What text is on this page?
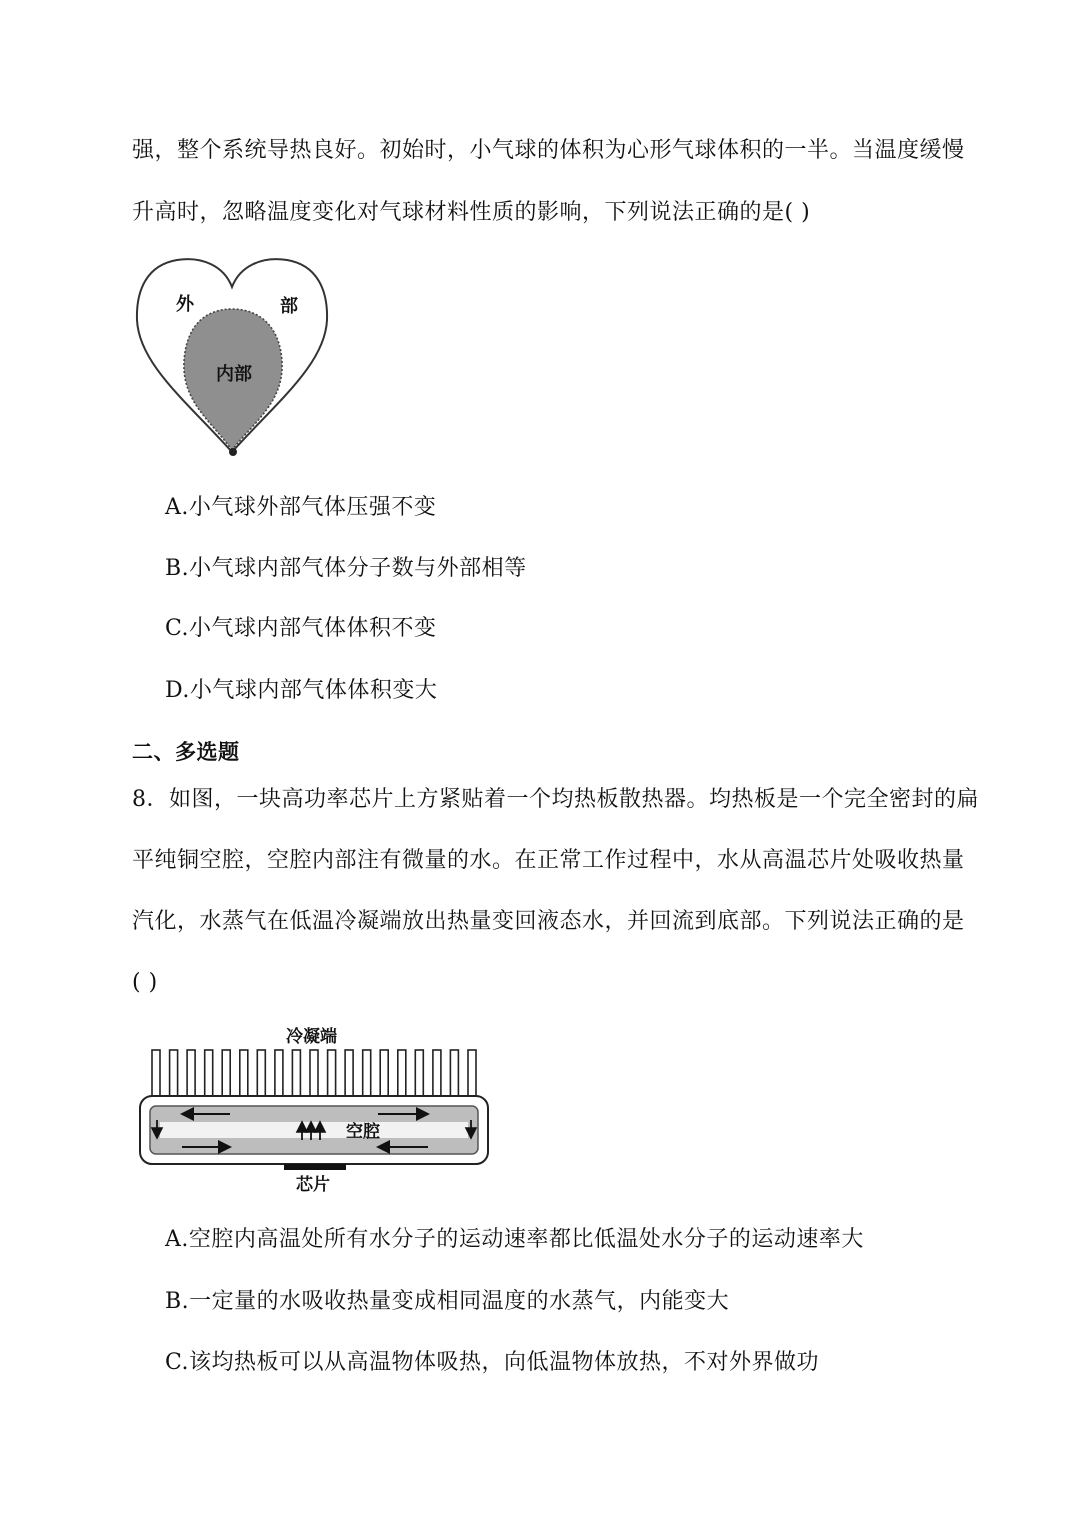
强，整个系统导热良好。初始时，小气球的体积为心形气球体积的一半。当温度缓慢
升高时，忽略温度变化对气球材料性质的影响，下列说法正确的是( )
外	部
内部
A.小气球外部气体压强不变
B.小气球内部气体分子数与外部相等
C.小气球内部气体体积不变
D.小气球内部气体体积变大
二、多选题
8．如图，一块高功率芯片上方紧贴着一个均热板散热器。均热板是一个完全密封的扁
平纯铜空腔，空腔内部注有微量的水。在正常工作过程中，水从高温芯片处吸收热量
汽化，水蒸气在低温冷凝端放出热量变回液态水，并回流到底部。下列说法正确的是
( )
冷凝端
空腔
芯片
A.空腔内高温处所有水分子的运动速率都比低温处水分子的运动速率大
B.一定量的水吸收热量变成相同温度的水蒸气，内能变大
C.该均热板可以从高温物体吸热，向低温物体放热，不对外界做功
